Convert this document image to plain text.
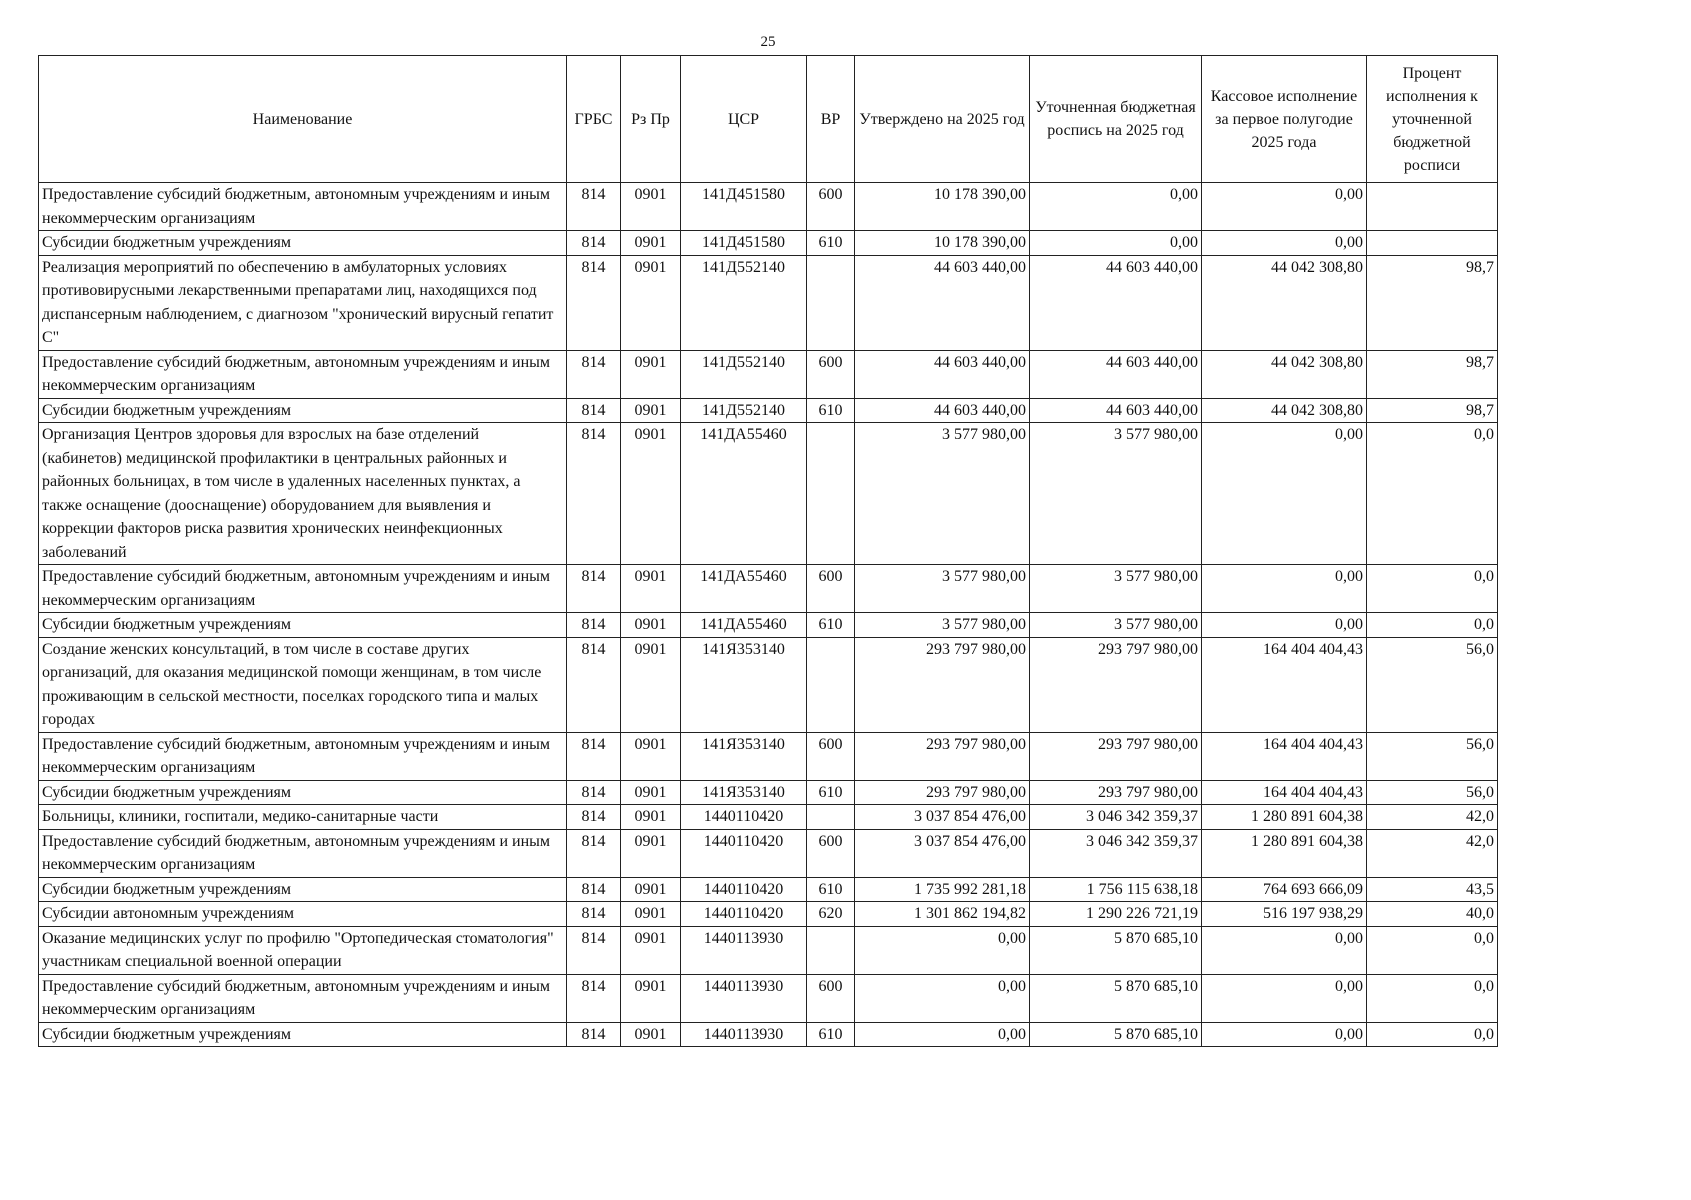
25
Наименование	ГРБС	Рз Пр	ЦСР	ВР	Утверждено на 2025 год	Уточненная бюджетная роспись на 2025 год	Кассовое исполнение за первое полугодие 2025 года	Процент исполнения к уточненной бюджетной росписи
Предоставление субсидий бюджетным, автономным учреждениям и иным некоммерческим организациям	814	0901	141Д451580	600	10 178 390,00	0,00	0,00	
Субсидии бюджетным учреждениям	814	0901	141Д451580	610	10 178 390,00	0,00	0,00	
Реализация мероприятий по обеспечению в амбулаторных условиях противовирусными лекарственными препаратами лиц, находящихся под диспансерным наблюдением, с диагнозом "хронический вирусный гепатит С"	814	0901	141Д552140		44 603 440,00	44 603 440,00	44 042 308,80	98,7
Предоставление субсидий бюджетным, автономным учреждениям и иным некоммерческим организациям	814	0901	141Д552140	600	44 603 440,00	44 603 440,00	44 042 308,80	98,7
Субсидии бюджетным учреждениям	814	0901	141Д552140	610	44 603 440,00	44 603 440,00	44 042 308,80	98,7
Организация Центров здоровья для взрослых на базе отделений (кабинетов) медицинской профилактики в центральных районных и районных больницах, в том числе в удаленных населенных пунктах, а также оснащение (дооснащение) оборудованием для выявления и коррекции факторов риска развития хронических неинфекционных заболеваний	814	0901	141ДА55460		3 577 980,00	3 577 980,00	0,00	0,0
Предоставление субсидий бюджетным, автономным учреждениям и иным некоммерческим организациям	814	0901	141ДА55460	600	3 577 980,00	3 577 980,00	0,00	0,0
Субсидии бюджетным учреждениям	814	0901	141ДА55460	610	3 577 980,00	3 577 980,00	0,00	0,0
Создание женских консультаций, в том числе в составе других организаций, для оказания медицинской помощи женщинам, в том числе проживающим в сельской местности, поселках городского типа и малых городах	814	0901	141Я353140		293 797 980,00	293 797 980,00	164 404 404,43	56,0
Предоставление субсидий бюджетным, автономным учреждениям и иным некоммерческим организациям	814	0901	141Я353140	600	293 797 980,00	293 797 980,00	164 404 404,43	56,0
Субсидии бюджетным учреждениям	814	0901	141Я353140	610	293 797 980,00	293 797 980,00	164 404 404,43	56,0
Больницы, клиники, госпитали, медико-санитарные части	814	0901	1440110420		3 037 854 476,00	3 046 342 359,37	1 280 891 604,38	42,0
Предоставление субсидий бюджетным, автономным учреждениям и иным некоммерческим организациям	814	0901	1440110420	600	3 037 854 476,00	3 046 342 359,37	1 280 891 604,38	42,0
Субсидии бюджетным учреждениям	814	0901	1440110420	610	1 735 992 281,18	1 756 115 638,18	764 693 666,09	43,5
Субсидии автономным учреждениям	814	0901	1440110420	620	1 301 862 194,82	1 290 226 721,19	516 197 938,29	40,0
Оказание медицинских услуг по профилю "Ортопедическая стоматология" участникам специальной военной операции	814	0901	1440113930		0,00	5 870 685,10	0,00	0,0
Предоставление субсидий бюджетным, автономным учреждениям и иным некоммерческим организациям	814	0901	1440113930	600	0,00	5 870 685,10	0,00	0,0
Субсидии бюджетным учреждениям	814	0901	1440113930	610	0,00	5 870 685,10	0,00	0,0
